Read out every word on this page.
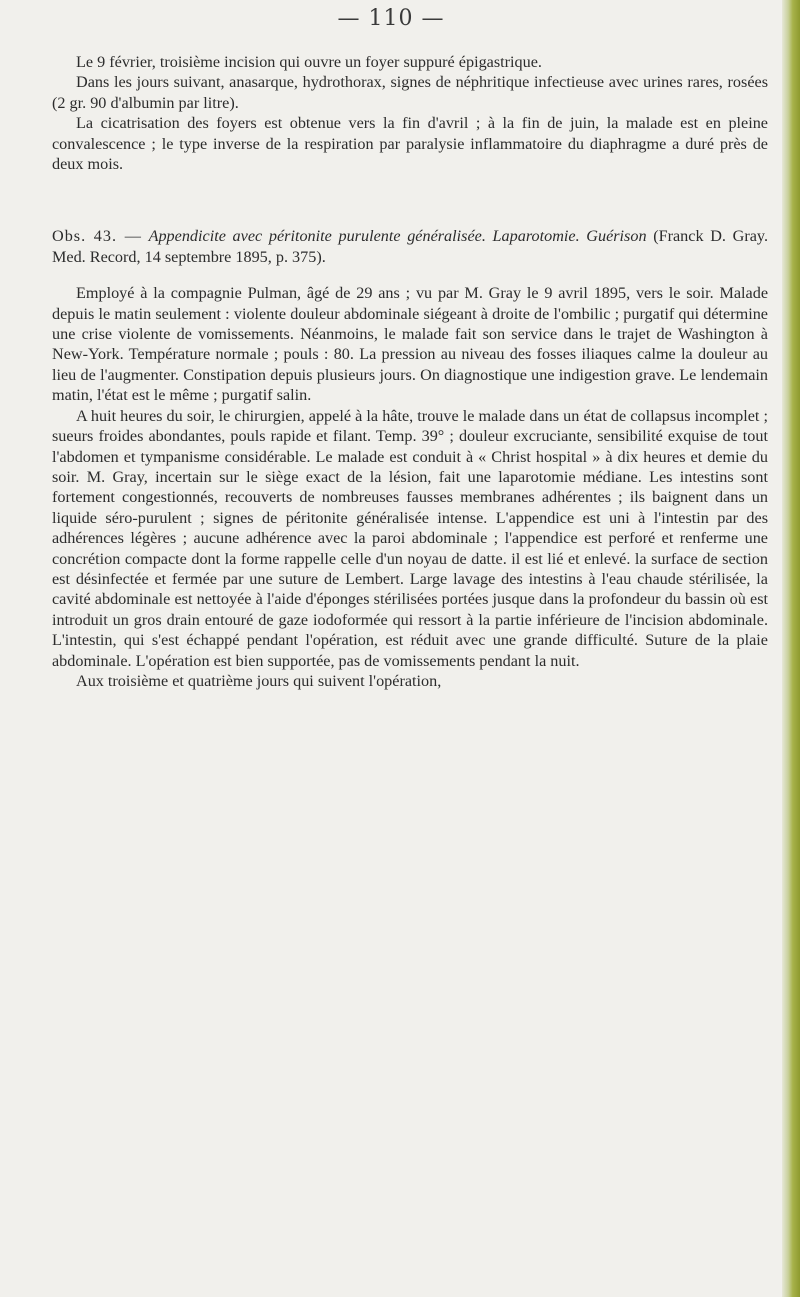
— 110 —

Le 9 février, troisième incision qui ouvre un foyer suppuré épigastrique.

Dans les jours suivant, anasarque, hydrothorax, signes de néphritique infectieuse avec urines rares, rosées (2 gr. 90 d'albumin par litre).

La cicatrisation des foyers est obtenue vers la fin d'avril ; à la fin de juin, la malade est en pleine convalescence ; le type inverse de la respiration par paralysie inflammatoire du diaphragme a duré près de deux mois.

Obs. 43. — Appendicite avec péritonite purulente généralisée. Laparotomie. Guérison (Franck D. Gray. Med. Record, 14 septembre 1895, p. 375).

Employé à la compagnie Pulman, âgé de 29 ans ; vu par M. Gray le 9 avril 1895, vers le soir. Malade depuis le matin seulement : violente douleur abdominale siégeant à droite de l'ombilic ; purgatif qui détermine une crise violente de vomissements. Néanmoins, le malade fait son service dans le trajet de Washington à New-York. Température normale ; pouls : 80. La pression au niveau des fosses iliaques calme la douleur au lieu de l'augmenter. Constipation depuis plusieurs jours. On diagnostique une indigestion grave. Le lendemain matin, l'état est le même ; purgatif salin.

A huit heures du soir, le chirurgien, appelé à la hâte, trouve le malade dans un état de collapsus incomplet ; sueurs froides abondantes, pouls rapide et filant. Temp. 39° ; douleur excruciante, sensibilité exquise de tout l'abdomen et tympanisme considérable. Le malade est conduit à « Christ hospital » à dix heures et demie du soir. M. Gray, incertain sur le siège exact de la lésion, fait une laparotomie médiane. Les intestins sont fortement congestionnés, recouverts de nombreuses fausses membranes adhérentes ; ils baignent dans un liquide séro-purulent ; signes de péritonite généralisée intense. L'appendice est uni à l'intestin par des adhérences légères ; aucune adhérence avec la paroi abdominale ; l'appendice est perforé et renferme une concrétion compacte dont la forme rappelle celle d'un noyau de datte. il est lié et enlevé. la surface de section est désinfectée et fermée par une suture de Lembert. Large lavage des intestins à l'eau chaude stérilisée, la cavité abdominale est nettoyée à l'aide d'éponges stérilisées portées jusque dans la profondeur du bassin où est introduit un gros drain entouré de gaze iodoformée qui ressort à la partie inférieure de l'incision abdominale. L'intestin, qui s'est échappé pendant l'opération, est réduit avec une grande difficulté. Suture de la plaie abdominale. L'opération est bien supportée, pas de vomissements pendant la nuit.

Aux troisième et quatrième jours qui suivent l'opération,
